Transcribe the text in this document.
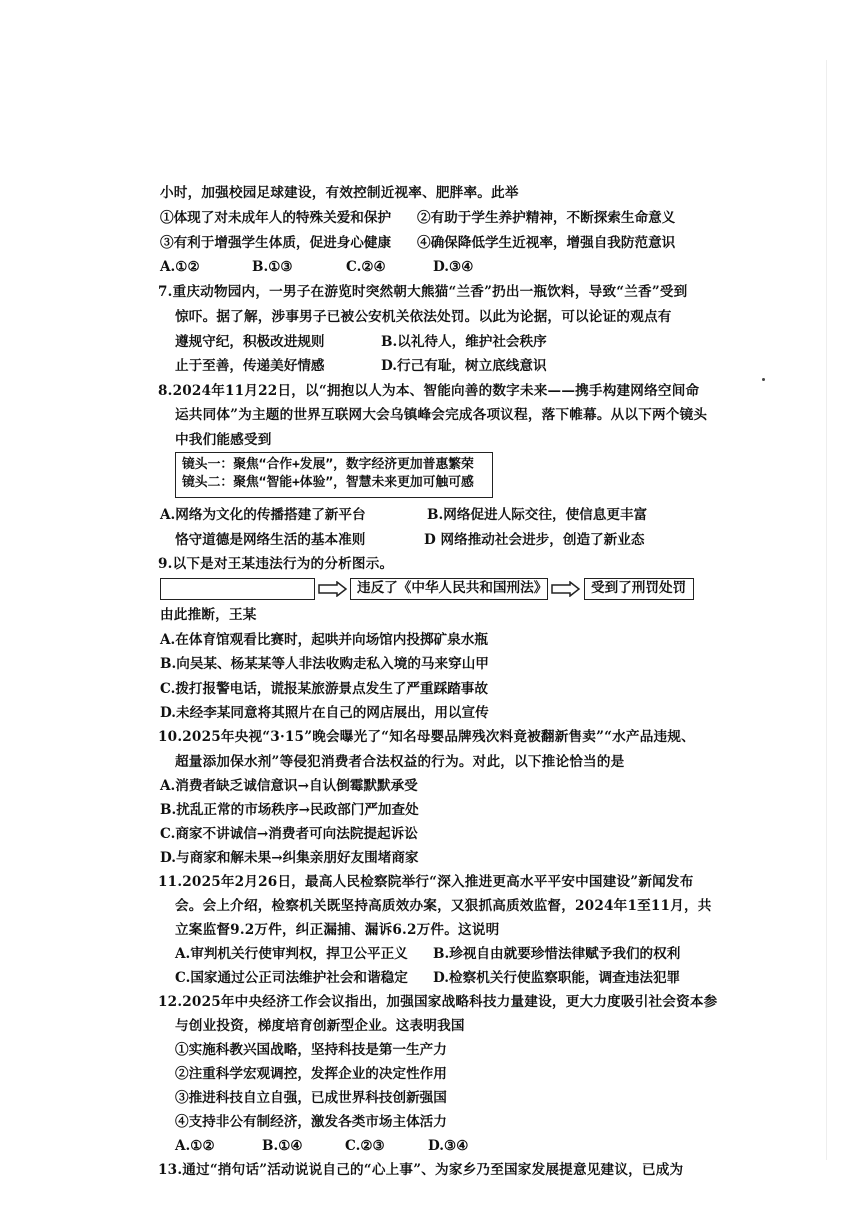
小时，加强校园足球建设，有效控制近视率、肥胖率。此举
①体现了对未成年人的特殊关爱和保护 ②有助于学生养护精神，不断探索生命意义
③有利于增强学生体质，促进身心健康 ④确保降低学生近视率，增强自我防范意识
A.①②	B.①③	C.②④	D.③④
7.重庆动物园内，一男子在游览时突然朝大熊猫“兰香”扔出一瓶饮料，导致“兰香”受到
惊吓。据了解，涉事男子已被公安机关依法处罚。以此为论据，可以论证的观点有
遵规守纪，积极改进规则	B.以礼待人，维护社会秩序
止于至善，传递美好情感	D.行己有耻，树立底线意识
8.2024年11月22日，以“拥抱以人为本、智能向善的数字未来——携手构建网络空间命
运共同体”为主题的世界互联网大会乌镇峰会完成各项议程，落下帷幕。从以下两个镜头
中我们能感受到
镜头一：聚焦“合作+发展”，数字经济更加普惠繁荣
镜头二：聚焦“智能+体验”，智慧未来更加可触可感
A.网络为文化的传播搭建了新平台	B.网络促进人际交往，使信息更丰富
恪守道德是网络生活的基本准则	D 网络推动社会进步，创造了新业态
9.以下是对王某违法行为的分析图示。
违反了《中华人民共和国刑法》	受到了刑罚处罚
由此推断，王某
A.在体育馆观看比赛时，起哄并向场馆内投掷矿泉水瓶
B.向吴某、杨某某等人非法收购走私入境的马来穿山甲
C.拨打报警电话，谎报某旅游景点发生了严重踩踏事故
D.未经李某同意将其照片在自己的网店展出，用以宣传
10.2025年央视“3·15”晚会曝光了“知名母婴品牌残次料竟被翻新售卖”“水产品违规、
超量添加保水剂”等侵犯消费者合法权益的行为。对此，以下推论恰当的是
A.消费者缺乏诚信意识→自认倒霉默默承受
B.扰乱正常的市场秩序→民政部门严加查处
C.商家不讲诚信→消费者可向法院提起诉讼
D.与商家和解未果→纠集亲朋好友围堵商家
11.2025年2月26日，最高人民检察院举行“深入推进更高水平平安中国建设”新闻发布
会。会上介绍，检察机关既坚持高质效办案，又狠抓高质效监督，2024年1至11月，共
立案监督9.2万件，纠正漏捕、漏诉6.2万件。这说明
A.审判机关行使审判权，捍卫公平正义 B.珍视自由就要珍惜法律赋予我们的权利
C.国家通过公正司法维护社会和谐稳定 D.检察机关行使监察职能，调查违法犯罪
12.2025年中央经济工作会议指出，加强国家战略科技力量建设，更大力度吸引社会资本参
与创业投资，梯度培育创新型企业。这表明我国
①实施科教兴国战略，坚持科技是第一生产力
②注重科学宏观调控，发挥企业的决定性作用
③推进科技自立自强，已成世界科技创新强国
④支持非公有制经济，激发各类市场主体活力
A.①②	B.①④	C.②③	D.③④
13.通过“捎句话”活动说说自己的“心上事”、为家乡乃至国家发展提意见建议，已成为
